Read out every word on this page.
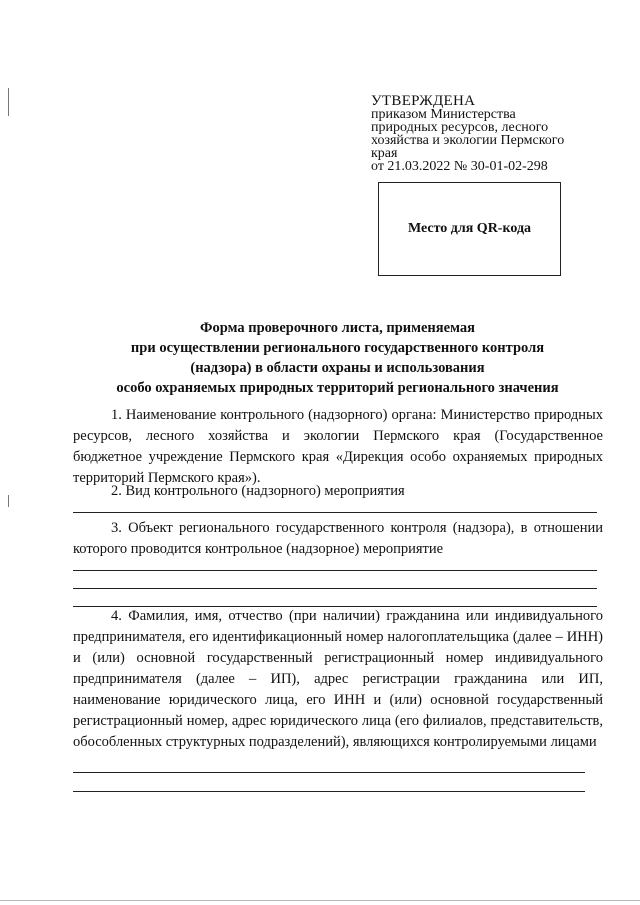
УТВЕРЖДЕНА
приказом Министерства
природных ресурсов, лесного
хозяйства и экологии Пермского
края
от 21.03.2022 № 30-01-02-298
Место для QR-кода
Форма проверочного листа, применяемая
при осуществлении регионального государственного контроля
(надзора) в области охраны и использования
особо охраняемых природных территорий регионального значения

1. Наименование контрольного (надзорного) органа: Министерство природных ресурсов, лесного хозяйства и экологии Пермского края (Государственное бюджетное учреждение Пермского края «Дирекция особо охраняемых природных территорий Пермского края»).

2. Вид контрольного (надзорного) мероприятия

3. Объект регионального государственного контроля (надзора), в отношении которого проводится контрольное (надзорное) мероприятие

4. Фамилия, имя, отчество (при наличии) гражданина или индивидуального предпринимателя, его идентификационный номер налогоплательщика (далее – ИНН) и (или) основной государственный регистрационный номер индивидуального предпринимателя (далее – ИП), адрес регистрации гражданина или ИП, наименование юридического лица, его ИНН и (или) основной государственный регистрационный номер, адрес юридического лица (его филиалов, представительств, обособленных структурных подразделений), являющихся контролируемыми лицами
